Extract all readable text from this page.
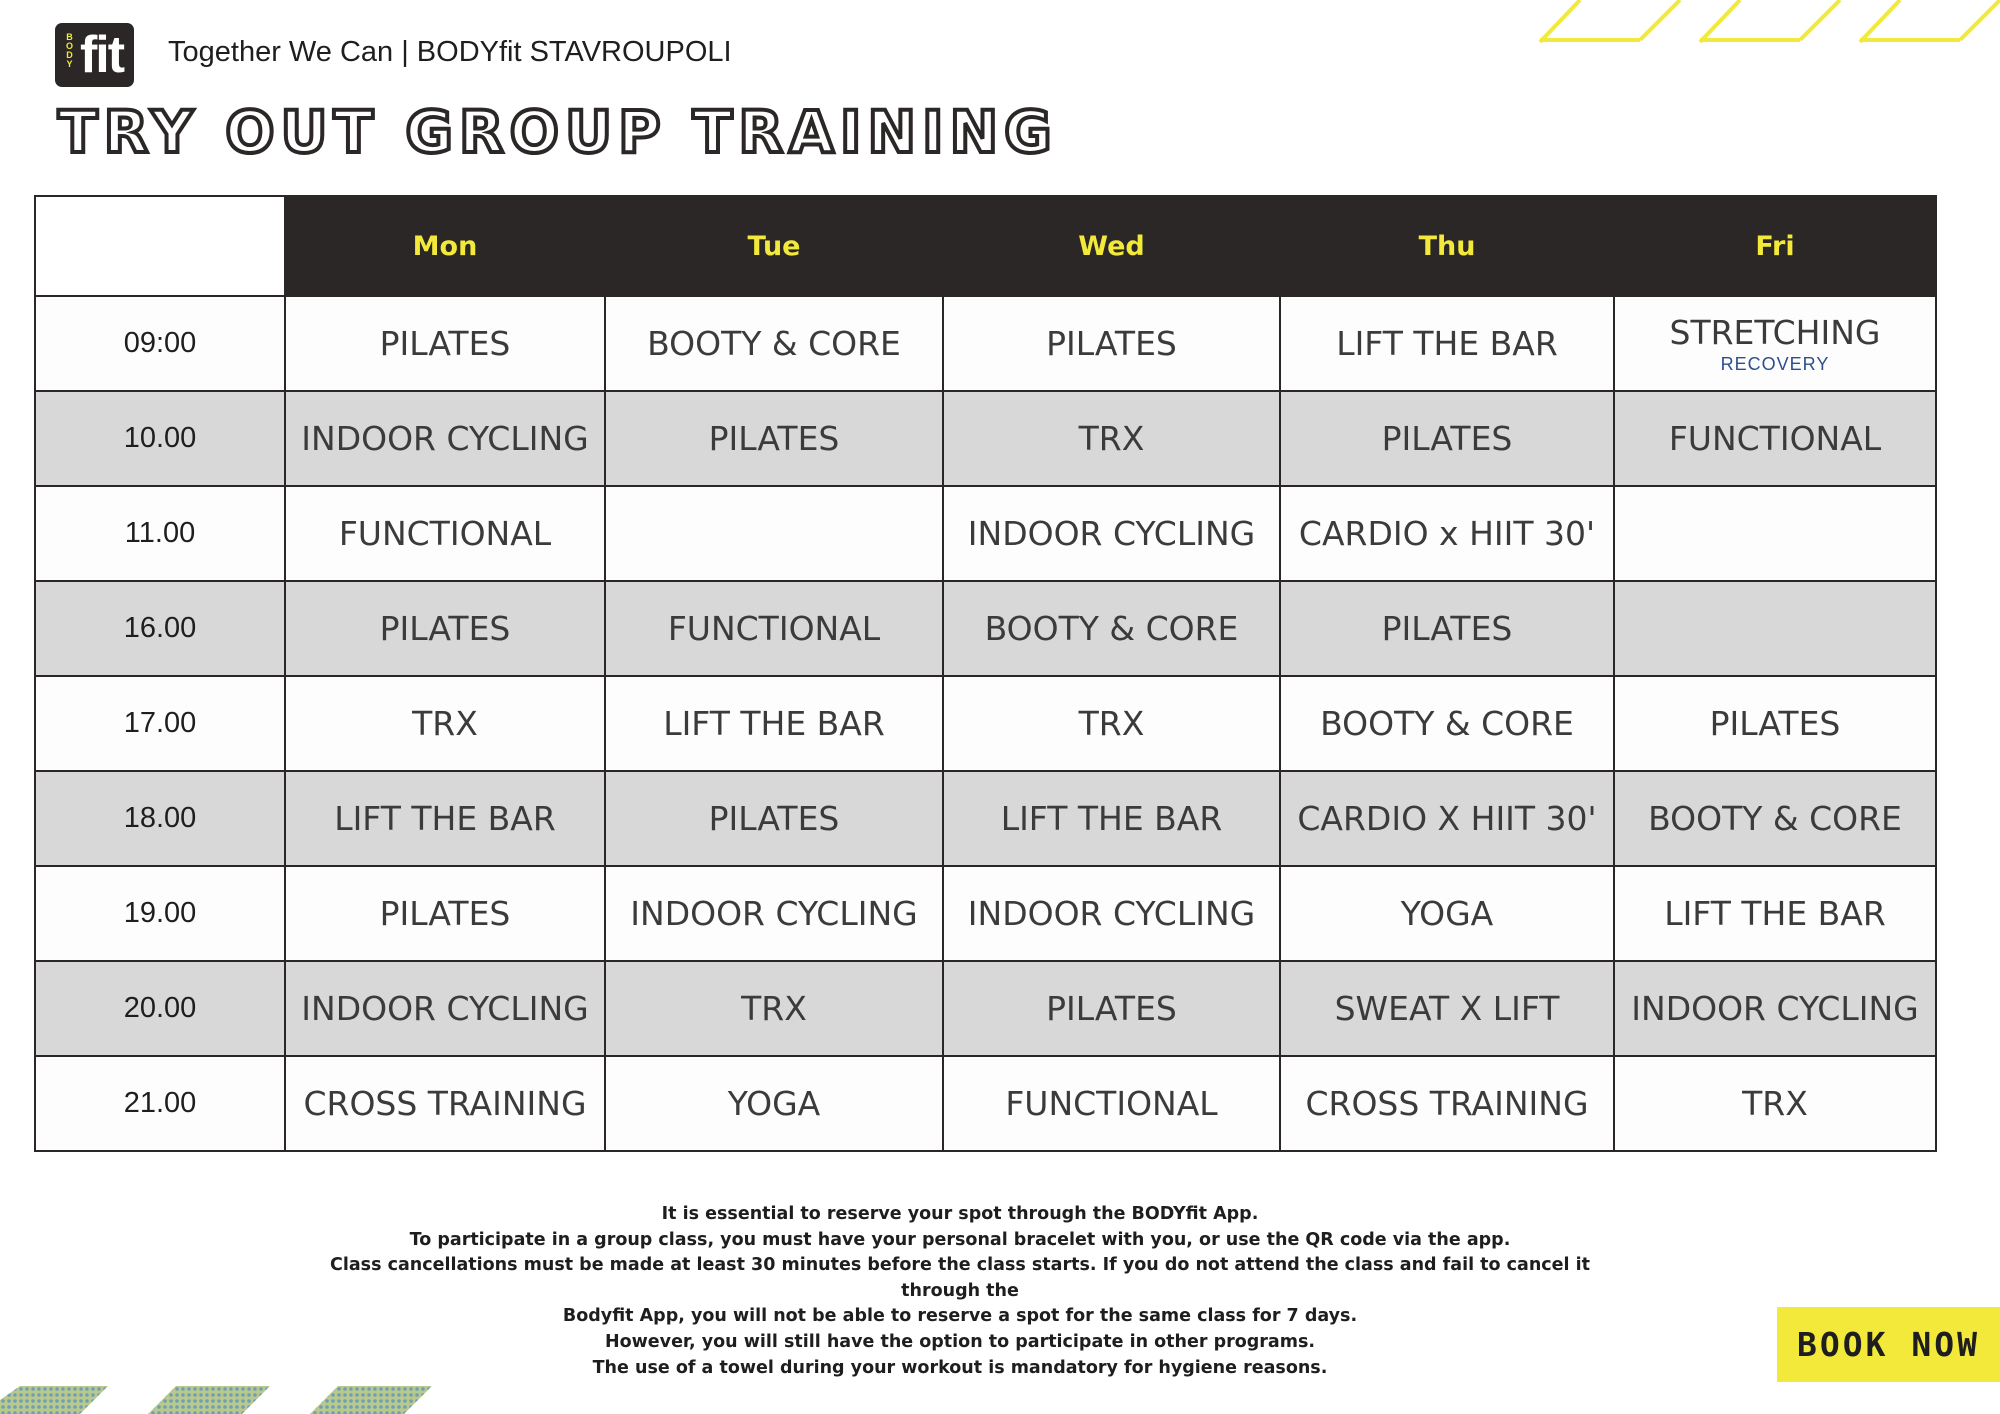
BODY fit Together We Can | BODYfit STAVROUPOLI
TRY OUT GROUP TRAINING
	Mon	Tue	Wed	Thu	Fri
09:00	PILATES	BOOTY & CORE	PILATES	LIFT THE BAR	STRETCHING
RECOVERY

10.00	INDOOR CYCLING	PILATES	TRX	PILATES	FUNCTIONAL
11.00	FUNCTIONAL		INDOOR CYCLING	CARDIO x HIIT 30'	
16.00	PILATES	FUNCTIONAL	BOOTY & CORE	PILATES	
17.00	TRX	LIFT THE BAR	TRX	BOOTY & CORE	PILATES
18.00	LIFT THE BAR	PILATES	LIFT THE BAR	CARDIO X HIIT 30'	BOOTY & CORE
19.00	PILATES	INDOOR CYCLING	INDOOR CYCLING	YOGA	LIFT THE BAR
20.00	INDOOR CYCLING	TRX	PILATES	SWEAT X LIFT	INDOOR CYCLING
21.00	CROSS TRAINING	YOGA	FUNCTIONAL	CROSS TRAINING	TRX
It is essential to reserve your spot through the BODYfit App.
To participate in a group class, you must have your personal bracelet with you, or use the QR code via the app.
Class cancellations must be made at least 30 minutes before the class starts. If you do not attend the class and fail to cancel it through the
Bodyfit App, you will not be able to reserve a spot for the same class for 7 days.
However, you will still have the option to participate in other programs.
The use of a towel during your workout is mandatory for hygiene reasons.
BOOK NOW
